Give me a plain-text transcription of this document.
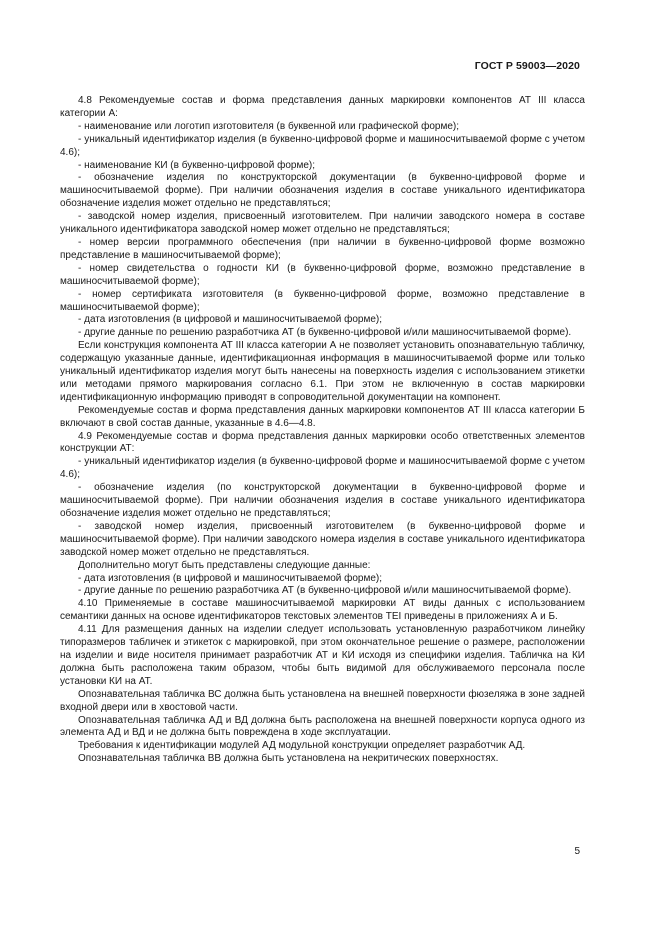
ГОСТ Р 59003—2020

4.8 Рекомендуемые состав и форма представления данных маркировки компонентов АТ III класса категории А:

- наименование или логотип изготовителя (в буквенной или графической форме);

- уникальный идентификатор изделия (в буквенно-цифровой форме и машиносчитываемой форме с учетом 4.6);

- наименование КИ (в буквенно-цифровой форме);

- обозначение изделия по конструкторской документации (в буквенно-цифровой форме и машиносчитываемой форме). При наличии обозначения изделия в составе уникального идентификатора обозначение изделия может отдельно не представляться;

- заводской номер изделия, присвоенный изготовителем. При наличии заводского номера в составе уникального идентификатора заводской номер может отдельно не представляться;

- номер версии программного обеспечения (при наличии в буквенно-цифровой форме возможно представление в машиносчитываемой форме);

- номер свидетельства о годности КИ (в буквенно-цифровой форме, возможно представление в машиносчитываемой форме);

- номер сертификата изготовителя (в буквенно-цифровой форме, возможно представление в машиносчитываемой форме);

- дата изготовления (в цифровой и машиносчитываемой форме);

- другие данные по решению разработчика АТ (в буквенно-цифровой и/или машиносчитываемой форме).

Если конструкция компонента АТ III класса категории А не позволяет установить опознавательную табличку, содержащую указанные данные, идентификационная информация в машиносчитываемой форме или только уникальный идентификатор изделия могут быть нанесены на поверхность изделия с использованием этикетки или методами прямого маркирования согласно 6.1. При этом не включенную в состав маркировки идентификационную информацию приводят в сопроводительной документации на компонент.

Рекомендуемые состав и форма представления данных маркировки компонентов АТ III класса категории Б включают в свой состав данные, указанные в 4.6—4.8.

4.9 Рекомендуемые состав и форма представления данных маркировки особо ответственных элементов конструкции АТ:

- уникальный идентификатор изделия (в буквенно-цифровой форме и машиносчитываемой форме с учетом 4.6);

- обозначение изделия (по конструкторской документации в буквенно-цифровой форме и машиносчитываемой форме). При наличии обозначения изделия в составе уникального идентификатора обозначение изделия может отдельно не представляться;

- заводской номер изделия, присвоенный изготовителем (в буквенно-цифровой форме и машиносчитываемой форме). При наличии заводского номера изделия в составе уникального идентификатора заводской номер может отдельно не представляться.

Дополнительно могут быть представлены следующие данные:

- дата изготовления (в цифровой и машиносчитываемой форме);

- другие данные по решению разработчика АТ (в буквенно-цифровой и/или машиносчитываемой форме).

4.10 Применяемые в составе машиносчитываемой маркировки АТ виды данных с использованием семантики данных на основе идентификаторов текстовых элементов TEI приведены в приложениях А и Б.

4.11 Для размещения данных на изделии следует использовать установленную разработчиком линейку типоразмеров табличек и этикеток с маркировкой, при этом окончательное решение о размере, расположении на изделии и виде носителя принимает разработчик АТ и КИ исходя из специфики изделия. Табличка на КИ должна быть расположена таким образом, чтобы быть видимой для обслуживаемого персонала после установки КИ на АТ.

Опознавательная табличка ВС должна быть установлена на внешней поверхности фюзеляжа в зоне задней входной двери или в хвостовой части.

Опознавательная табличка АД и ВД должна быть расположена на внешней поверхности корпуса одного из элемента АД и ВД и не должна быть повреждена в ходе эксплуатации.

Требования к идентификации модулей АД модульной конструкции определяет разработчик АД.

Опознавательная табличка ВВ должна быть установлена на некритических поверхностях.

5
